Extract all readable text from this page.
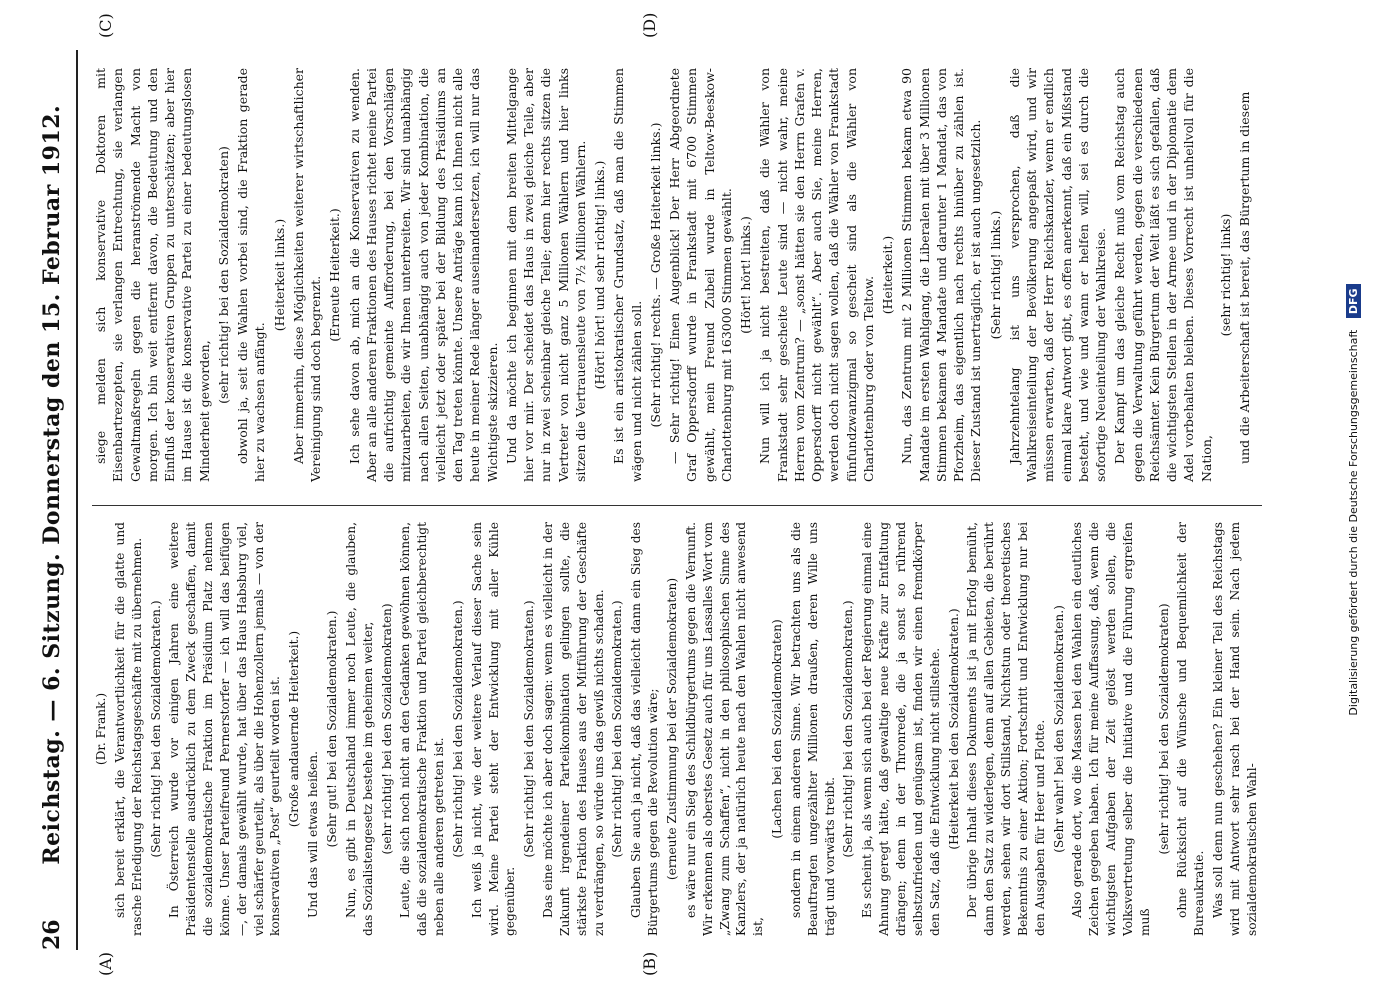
26
Reichstag. — 6. Sitzung. Donnerstag den 15. Februar 1912.
(A)	(B)
(C)	(D)

(Dr. Frank.) sich bereit erklärt, die Verantwortlichkeit für die glatte und rasche Erledigung der Reichstagsgeschäfte mit zu übernehmen. (Sehr richtig! bei den Sozialdemokraten.) In Österreich wurde vor einigen Jahren eine weitere Präsidentenstelle ausdrücklich zu dem Zweck geschaffen, damit die sozialdemokratische Fraktion im Präsidium Platz nehmen könne. Unser Parteifreund Pernerstorfer — ich will das beifügen —, der damals gewählt wurde, hat über das Haus Habsburg viel, viel schärfer geurteilt, als über die Hohenzollern jemals — von der konservativen „Post“ geurteilt worden ist. (Große andauernde Heiterkeit.)

Und das will etwas heißen. (Sehr gut! bei den Sozialdemokraten.) Nun, es gibt in Deutschland immer noch Leute, die glauben, das Sozialistengesetz bestehe im geheimen weiter, (sehr richtig! bei den Sozialdemokraten) Leute, die sich noch nicht an den Gedanken gewöhnen können, daß die sozialdemokratische Fraktion und Partei gleichberechtigt neben alle anderen getreten ist. (Sehr richtig! bei den Sozialdemokraten.) Ich weiß ja nicht, wie der weitere Verlauf dieser Sache sein wird. Meine Partei steht der Entwicklung mit aller Kühle gegenüber.

(Sehr richtig! bei den Sozialdemokraten.) Das eine möchte ich aber doch sagen: wenn es vielleicht in der Zukunft irgendeiner Parteikombination gelingen sollte, die stärkste Fraktion des Hauses aus der Mitführung der Geschäfte zu verdrängen, so würde uns das gewiß nichts schaden. (Sehr richtig! bei den Sozialdemokraten.) Glauben Sie auch ja nicht, daß das vielleicht dann ein Sieg des Bürgertums gegen die Revolution wäre; (erneute Zustimmung bei der Sozialdemokraten) es wäre nur ein Sieg des Schildbürgertums gegen die Vernunft. Wir erkennen als oberstes Gesetz auch für uns Lassalles Wort vom „Zwang zum Schaffen“, nicht in den philosophischen Sinne des Kanzlers, der ja natürlich heute nach den Wahlen nicht anwesend ist,

(Lachen bei den Sozialdemokraten) sondern in einem anderen Sinne. Wir betrachten uns als die Beauftragten ungezählter Millionen draußen, deren Wille uns trägt und vorwärts treibt. (Sehr richtig! bei den Sozialdemokraten.) Es scheint ja, als wenn sich auch bei der Regierung einmal eine Ahnung geregt hätte, daß gewaltige neue Kräfte zur Entfaltung drängen; denn in der Thronrede, die ja sonst so rührend selbstzufrieden und genügsam ist, finden wir einen fremdkörper den Satz, daß die Entwicklung nicht stillstehe. (Heiterkeit bei den Sozialdemokraten.) Der übrige Inhalt dieses Dokuments ist ja mit Erfolg bemüht, dann den Satz zu widerlegen, denn auf allen Gebieten, die berührt werden, sehen wir dort Stillstand, Nichtstun oder theoretisches Bekenntnis zu einer Aktion; Fortschritt und Entwicklung nur bei den Ausgaben für Heer und Flotte. (Sehr wahr! bei den Sozialdemokraten.) Also gerade dort, wo die Massen bei den Wahlen ein deutliches Zeichen gegeben haben. Ich für meine Auffassung, daß, wenn die wichtigsten Aufgaben der Zeit gelöst werden sollen, die Volksvertretung selber die Initiative und die Führung ergreifen muß

(sehr richtig! bei den Sozialdemokraten) ohne Rücksicht auf die Wünsche und Bequemlichkeit der Bureaukratie. Was soll denn nun geschehen? Ein kleiner Teil des Reichstags wird mit Antwort sehr rasch bei der Hand sein. Nach jedem sozialdemokratischen Wahl-

siege melden sich konservative Doktoren mit Eisenbartrezepten, sie verlangen Entrechtung, sie verlangen Gewaltmaßregeln gegen die heranströmende Macht von morgen. Ich bin weit entfernt davon, die Bedeutung und den Einfluß der konservativen Gruppen zu unterschätzen; aber hier im Hause ist die konservative Partei zu einer bedeutungslosen Minderheit geworden,

(sehr richtig! bei den Sozialdemokraten) obwohl ja, seit die Wahlen vorbei sind, die Fraktion gerade hier zu wachsen anfängt.

(Heiterkeit links.) Aber immerhin, diese Möglichkeiten weiterer wirtschaftlicher Vereinigung sind doch begrenzt.

(Erneute Heiterkeit.) Ich sehe davon ab, mich an die Konservativen zu wenden. Aber an alle anderen Fraktionen des Hauses richtet meine Partei die aufrichtig gemeinte Aufforderung, bei den Vorschlägen mitzuarbeiten, die wir Ihnen unterbreiten. Wir sind unabhängig nach allen Seiten, unabhängig auch von jeder Kombination, die vielleicht jetzt oder später bei der Bildung des Präsidiums an den Tag treten könnte. Unsere Anträge kann ich Ihnen nicht alle heute in meiner Rede länger auseinandersetzen, ich will nur das Wichtigste skizzieren. Und da möchte ich beginnen mit dem breiten Mittelgange hier vor mir. Der scheidet das Haus in zwei gleiche Teile, aber nur in zwei scheinbar gleiche Teile; denn hier rechts sitzen die Vertreter von nicht ganz 5 Millionen Wählern und hier links sitzen die Vertrauensleute von 7½ Millionen Wählern. (Hört! hört! und sehr richtig! links.) Es ist ein aristokratischer Grundsatz, daß man die Stimmen wägen und nicht zählen soll. (Sehr richtig! rechts. — Große Heiterkeit links.) — Sehr richtig! Einen Augenblick! Der Herr Abgeordnete Graf Oppersdorff wurde in Frankstadt mit 6700 Stimmen gewählt, mein Freund Zubeil wurde in Teltow-Beeskow-Charlottenburg mit 163000 Stimmen gewählt. (Hört! hört! links.) Nun will ich ja nicht bestreiten, daß die Wähler von Frankstadt sehr gescheite Leute sind — nicht wahr, meine Herren vom Zentrum? — „sonst hätten sie den Herrn Grafen v. Oppersdorff nicht gewählt“. Aber auch Sie, meine Herren, werden doch nicht sagen wollen, daß die Wähler von Frankstadt fünfundzwanzigmal so gescheit sind als die Wähler von Charlottenburg oder von Teltow.

(Heiterkeit.) Nun, das Zentrum mit 2 Millionen Stimmen bekam etwa 90 Mandate im ersten Wahlgang, die Liberalen mit über 3 Millionen Stimmen bekamen 4 Mandate und darunter 1 Mandat, das von Pforzheim, das eigentlich nach rechts hinüber zu zählen ist. Dieser Zustand ist unerträglich, er ist auch ungesetzlich. (Sehr richtig! links.) Jahrzehntelang ist uns versprochen, daß die Wahlkreiseinteilung der Bevölkerung angepaßt wird, und wir müssen erwarten, daß der Herr Reichskanzler, wenn er endlich einmal klare Antwort gibt, es offen anerkennt, daß ein Mißstand besteht, und wie und wann er helfen will, sei es durch die sofortige Neueinteilung der Wahlkreise. Der Kampf um das gleiche Recht muß vom Reichstag auch gegen die Verwaltung geführt werden, gegen die verschiedenen Reichsämter. Kein Bürgertum der Welt läßt es sich gefallen, daß die wichtigsten Stellen in der Armee und in der Diplomatie dem Adel vorbehalten bleiben. Dieses Vorrecht ist unheilvoll für die Nation,

(sehr richtig! links) und die Arbeiterschaft ist bereit, das Bürgertum in diesem

Digitalisierung gefördert durch die Deutsche Forschungsgemeinschaft DFG
